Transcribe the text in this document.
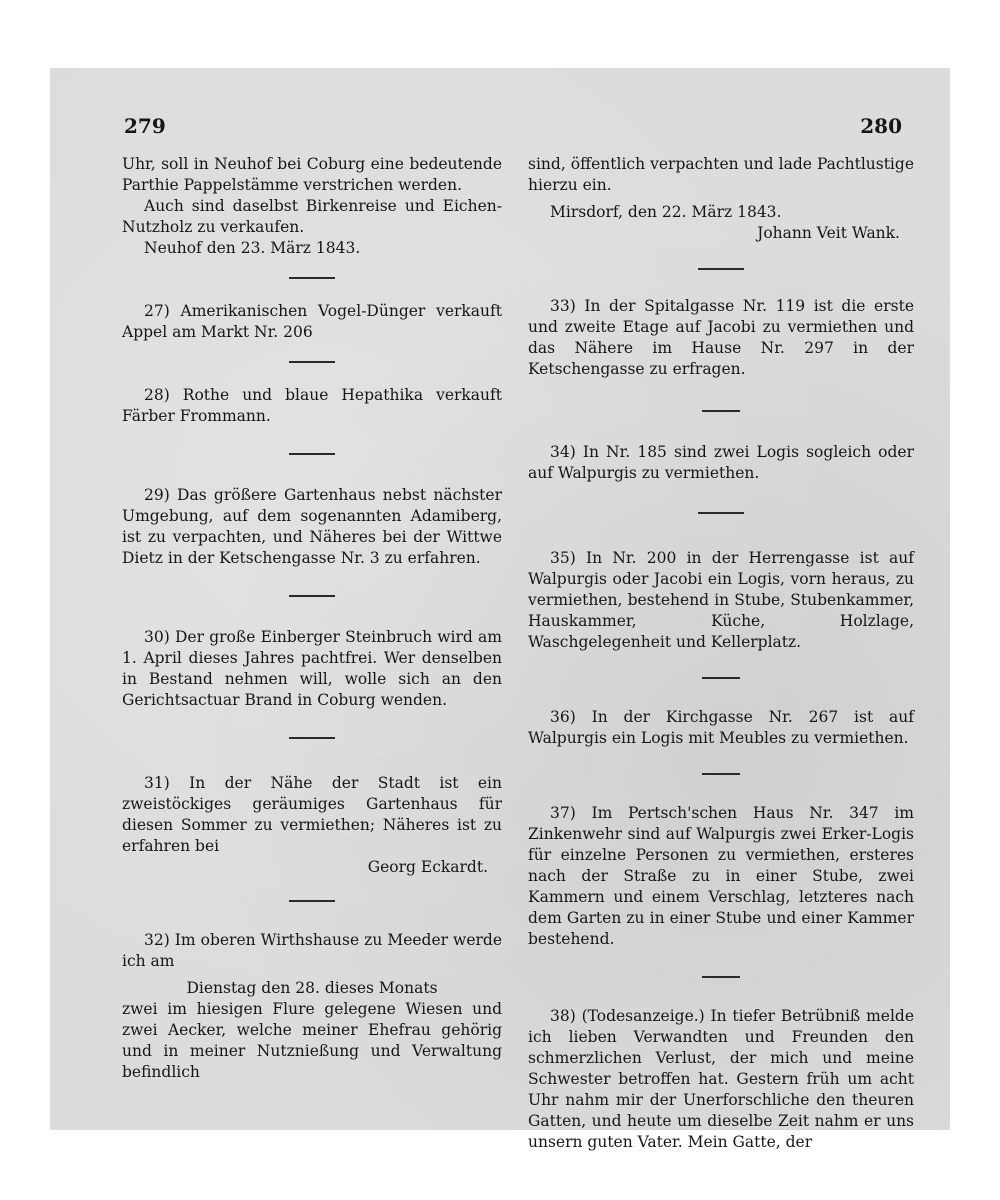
279	280

Uhr, soll in Neuhof bei Coburg eine bedeutende Parthie Pappelstämme verstrichen werden.

Auch sind daselbst Birkenreise und Eichen-Nutzholz zu verkaufen.

Neuhof den 23. März 1843.

27) Amerikanischen Vogel-Dünger verkauft Appel am Markt Nr. 206

28) Rothe und blaue Hepathika verkauft Färber Frommann.

29) Das größere Gartenhaus nebst nächster Umgebung, auf dem sogenannten Adamiberg, ist zu verpachten, und Näheres bei der Wittwe Dietz in der Ketschengasse Nr. 3 zu erfahren.

30) Der große Einberger Steinbruch wird am 1. April dieses Jahres pachtfrei. Wer denselben in Bestand nehmen will, wolle sich an den Gerichtsactuar Brand in Coburg wenden.

31) In der Nähe der Stadt ist ein zweistöckiges geräumiges Gartenhaus für diesen Sommer zu vermiethen; Näheres ist zu erfahren bei

Georg Eckardt.

32) Im oberen Wirthshause zu Meeder werde ich am

Dienstag den 28. dieses Monats

zwei im hiesigen Flure gelegene Wiesen und zwei Aecker, welche meiner Ehefrau gehörig und in meiner Nutznießung und Verwaltung befindlich

sind, öffentlich verpachten und lade Pachtlustige hierzu ein.

Mirsdorf, den 22. März 1843.

Johann Veit Wank.

33) In der Spitalgasse Nr. 119 ist die erste und zweite Etage auf Jacobi zu vermiethen und das Nähere im Hause Nr. 297 in der Ketschengasse zu erfragen.

34) In Nr. 185 sind zwei Logis sogleich oder auf Walpurgis zu vermiethen.

35) In Nr. 200 in der Herrengasse ist auf Walpurgis oder Jacobi ein Logis, vorn heraus, zu vermiethen, bestehend in Stube, Stubenkammer, Hauskammer, Küche, Holzlage, Waschgelegenheit und Kellerplatz.

36) In der Kirchgasse Nr. 267 ist auf Walpurgis ein Logis mit Meubles zu vermiethen.

37) Im Pertsch'schen Haus Nr. 347 im Zinkenwehr sind auf Walpurgis zwei Erker-Logis für einzelne Personen zu vermiethen, ersteres nach der Straße zu in einer Stube, zwei Kammern und einem Verschlag, letzteres nach dem Garten zu in einer Stube und einer Kammer bestehend.

38) (Todesanzeige.) In tiefer Betrübniß melde ich lieben Verwandten und Freunden den schmerzlichen Verlust, der mich und meine Schwester betroffen hat. Gestern früh um acht Uhr nahm mir der Unerforschliche den theuren Gatten, und heute um dieselbe Zeit nahm er uns unsern guten Vater. Mein Gatte, der
